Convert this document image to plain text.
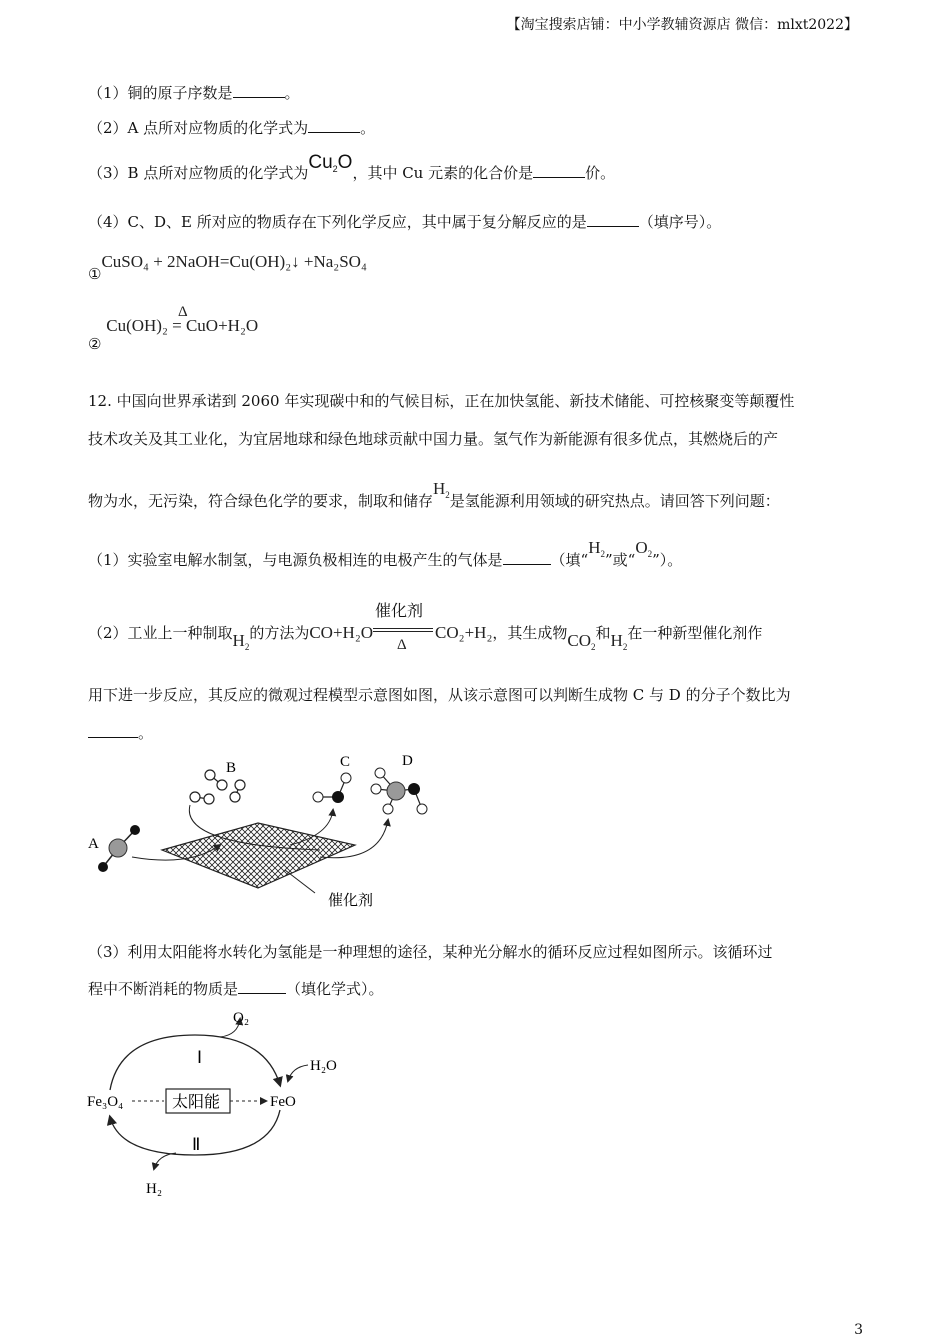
【淘宝搜索店铺：中小学教辅资源店 微信：mlxt2022】
（1）铜的原子序数是	。
（2）A 点所对应物质的化学式为	。
（3）B 点所对应物质的化学式为$Cu_2O$，其中 Cu 元素的化合价是	价。
（4）C、D、E 所对应的物质存在下列化学反应，其中属于复分解反应的是	（填序号）。
①CuSO₄ + 2NaOH=Cu(OH)₂↓ +Na₂SO₄
② Cu(OH)₂ = CuO+H₂O
Δ
12. 中国向世界承诺到 2060 年实现碳中和的气候目标，正在加快氢能、新技术储能、可控核聚变等颠覆性
技术攻关及其工业化，为宜居地球和绿色地球贡献中国力量。氢气作为新能源有很多优点，其燃烧后的产
物为水，无污染，符合绿色化学的要求，制取和储存$H_2$是氢能源利用领域的研究热点。请回答下列问题：
（1）实验室电解水制氢，与电源负极相连的电极产生的气体是	（填“$H_2$”或“$O_2$”）。
（2）工业上一种制取$H_2$的方法为CO+H₂O
催化剂
Δ
CO₂+H₂，其生成物$CO_2$和$H_2$在一种新型催化剂作
用下进一步反应，其反应的微观过程模型示意图如图，从该示意图可以判断生成物 C 与 D 的分子个数比为
。
A
B	C	D
催化剂
（3）利用太阳能将水转化为氢能是一种理想的途径，某种光分解水的循环反应过程如图所示。该循环过
程中不断消耗的物质是	（填化学式）。
太阳能
Fe₃O₄	FeO
Ⅰ
Ⅱ
O₂
H₂O
H₂
3
